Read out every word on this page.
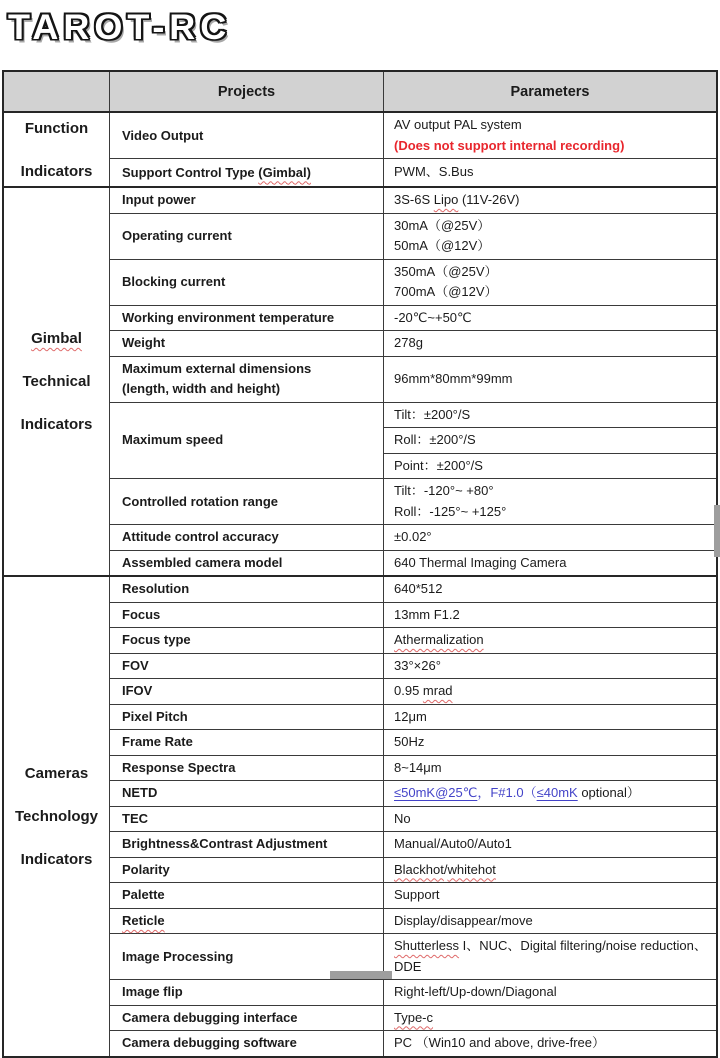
TAROT-RC
Projects	Parameters
Function
Indicators
Video Output
AV output PAL system
(Does not support internal recording)
Support Control Type (Gimbal)	PWM、S.Bus
Gimbal
Technical
Indicators
Input power	3S-6S Lipo (11V-26V)
Operating current
30mA（@25V）
50mA（@12V）
Blocking current
350mA（@25V）
700mA（@12V）
Working environment temperature	-20℃~+50℃
Weight	278g
Maximum external dimensions
(length, width and height)
96mm*80mm*99mm
Maximum speed
Tilt：±200°/S
Roll：±200°/S
Point：±200°/S
Controlled rotation range
Tilt：-120°~ +80°
Roll：-125°~ +125°
Attitude control accuracy	±0.02°
Assembled camera model	640 Thermal Imaging Camera
Cameras
Technology
Indicators
Resolution	640*512
Focus	13mm F1.2
Focus type	Athermalization
FOV	33°×26°
IFOV	0.95 mrad
Pixel Pitch	12μm
Frame Rate	50Hz
Response Spectra	8~14μm
NETD	≤50mK@25℃，F#1.0（≤40mK optional）
TEC	No
Brightness&Contrast Adjustment	Manual/Auto0/Auto1
Polarity	Blackhot/whitehot
Palette	Support
Reticle	Display/disappear/move
Image Processing
Shutterless I、NUC、Digital filtering/noise reduction、
DDE
Image flip	Right-left/Up-down/Diagonal
Camera debugging interface	Type-c
Camera debugging software	PC （Win10 and above, drive-free）
